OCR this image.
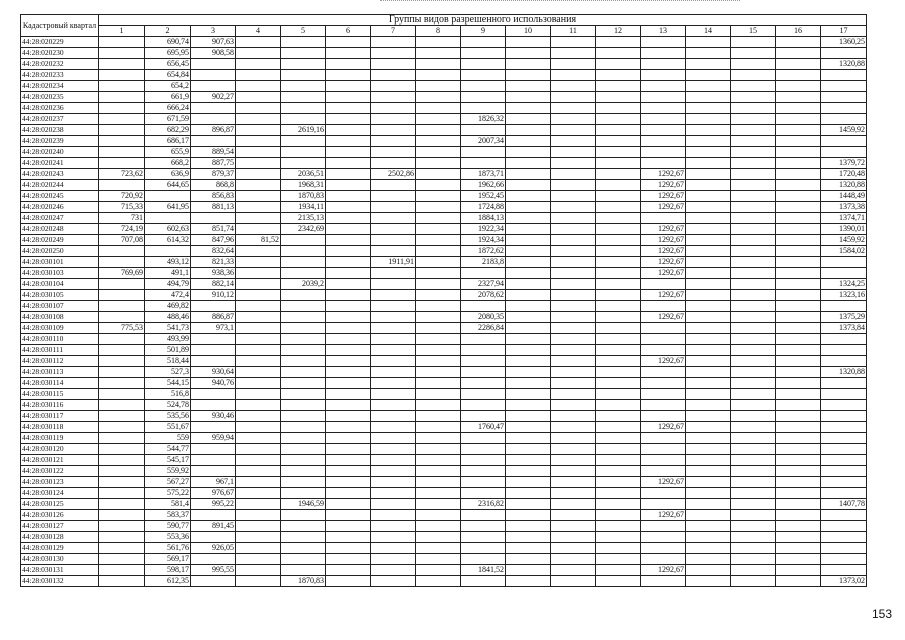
Кадастровый квартал	Группы видов разрешенного использования																
	1	2	3	4	5	6	7	8	9	10	11	12	13	14	15	16	17
44:28:020229		690,74	907,63														1360,25
44:28:020230		695,95	908,58														
44:28:020232		656,45															1320,88
44:28:020233		654,84															
44:28:020234		654,2															
44:28:020235		661,9	902,27														
44:28:020236		666,24															
44:28:020237		671,59							1826,32								
44:28:020238		682,29	896,87		2619,16												1459,92
44:28:020239		686,17							2007,34								
44:28:020240		655,9	889,54														
44:28:020241		668,2	887,75														1379,72
44:28:020243	723,62	636,9	879,37		2036,51		2502,86		1873,71				1292,67				1720,48
44:28:020244		644,65	868,8		1968,31				1962,66				1292,67				1320,88
44:28:020245	720,92		856,83		1870,83				1952,45				1292,67				1448,49
44:28:020246	715,33	641,95	881,13		1934,11				1724,88				1292,67				1373,38
44:28:020247	731				2135,13				1884,13								1374,71
44:28:020248	724,19	602,63	851,74		2342,69				1922,34				1292,67				1390,01
44:28:020249	707,08	614,32	847,96	81,52					1924,34				1292,67				1459,92
44:28:020250			832,64						1872,62				1292,67				1584,02
44:28:030101		493,12	821,33				1911,91		2183,8				1292,67				
44:28:030103	769,69	491,1	938,36										1292,67				
44:28:030104		494,79	882,14		2039,2				2327,94								1324,25
44:28:030105		472,4	910,12						2078,62				1292,67				1323,16
44:28:030107		469,82															
44:28:030108		488,46	886,87						2080,35				1292,67				1375,29
44:28:030109	775,53	541,73	973,1						2286,84								1373,84
44:28:030110		493,99															
44:28:030111		501,89															
44:28:030112		518,44											1292,67				
44:28:030113		527,3	930,64														1320,88
44:28:030114		544,15	940,76														
44:28:030115		516,8															
44:28:030116		524,78															
44:28:030117		535,56	930,46														
44:28:030118		551,67							1760,47				1292,67				
44:28:030119		559	959,94														
44:28:030120		544,77															
44:28:030121		545,17															
44:28:030122		559,92															
44:28:030123		567,27	967,1										1292,67				
44:28:030124		575,22	976,67														
44:28:030125		581,4	995,22		1946,59				2316,82								1407,78
44:28:030126		583,37											1292,67				
44:28:030127		590,77	891,45														
44:28:030128		553,36															
44:28:030129		561,76	926,05														
44:28:030130		569,17															
44:28:030131		598,17	995,55						1841,52				1292,67				
44:28:030132		612,35			1870,83												1373,02
153
